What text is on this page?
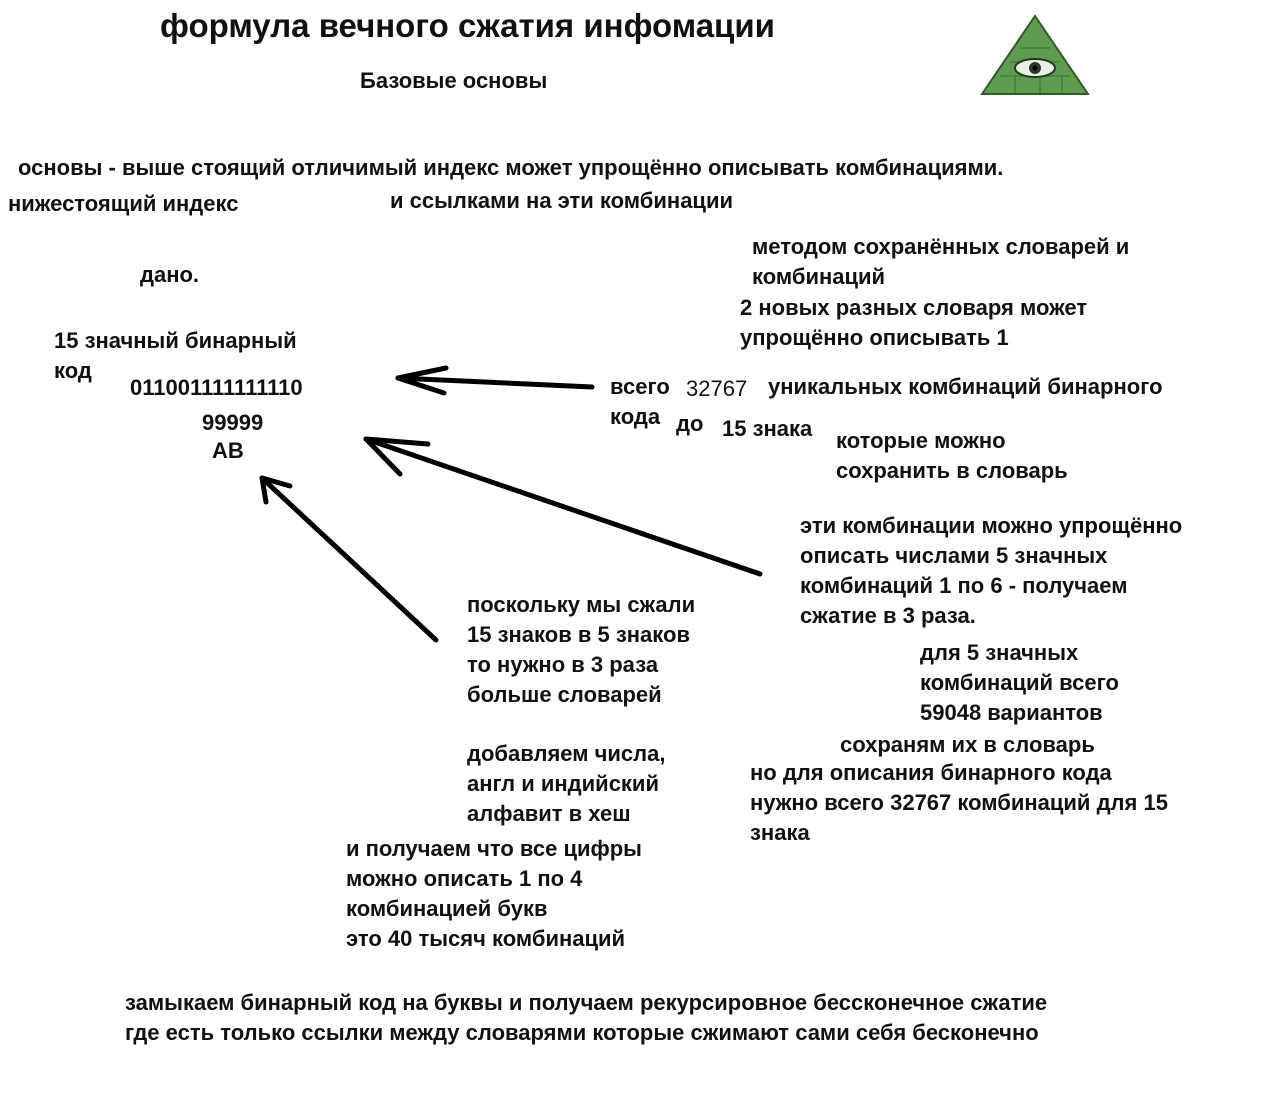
формула вечного сжатия инфомации
Базовые основы
основы - выше стоящий отличимый индекс может упрощённо описывать комбинациями.
нижестоящий индекс	и ссылками на эти комбинации
дано.
15 значный бинарный
код
011001111111110
99999
AB
методом сохранённых словарей и
комбинаций
2 новых разных словаря может
упрощённо описывать 1
всего 32767 уникальных комбинаций бинарного
кода до 15 знака которые можно
сохранить в словарь
эти комбинации можно упрощённо
описать числами 5 значных
комбинаций 1 по 6 - получаем
сжатие в 3 раза.
для 5 значных
комбинаций всего
59048 вариантов
сохраням их в словарь
но для описания бинарного кода
нужно всего 32767 комбинаций для 15
знака
поскольку мы сжали
15 знаков в 5 знаков
то нужно в 3 раза
больше словарей
добавляем числа,
англ и индийский
алфавит в хеш
и получаем что все цифры
можно описать 1 по 4
комбинацией букв
это 40 тысяч комбинаций
замыкаем бинарный код на буквы и получаем рекурсировное бессконечное сжатие
где есть только ссылки между словарями которые сжимают сами себя бесконечно
